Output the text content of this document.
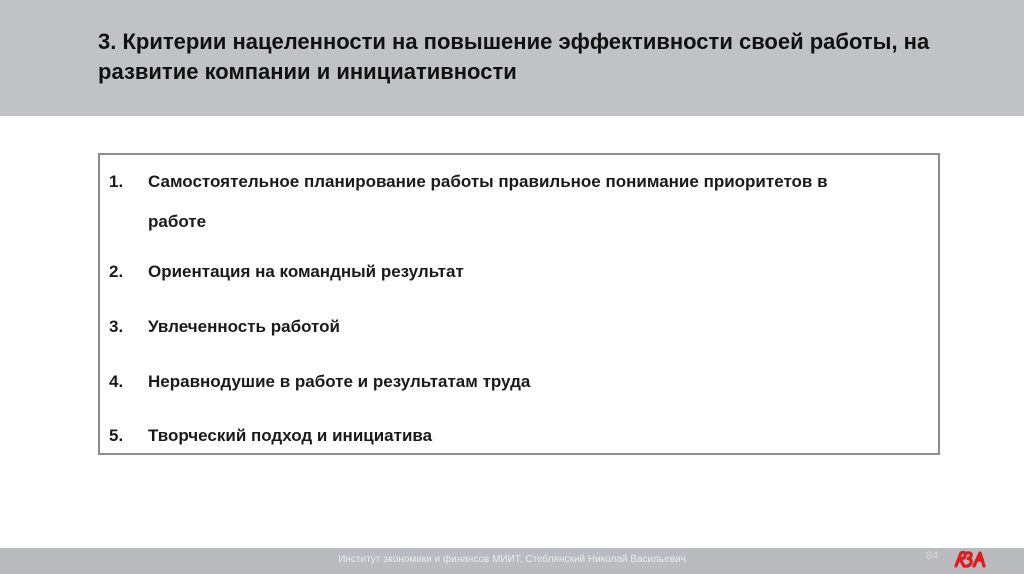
3. Критерии нацеленности на повышение эффективности своей работы, на развитие компании и инициативности
1. Самостоятельное планирование работы правильное понимание приоритетов в работе
2. Ориентация на командный результат
3. Увлеченность работой
4. Неравнодушие в работе и результатам труда
5. Творческий подход и инициатива
Институт экономики и финансов МИИТ, Стеблянский Николай Васильевич	84
